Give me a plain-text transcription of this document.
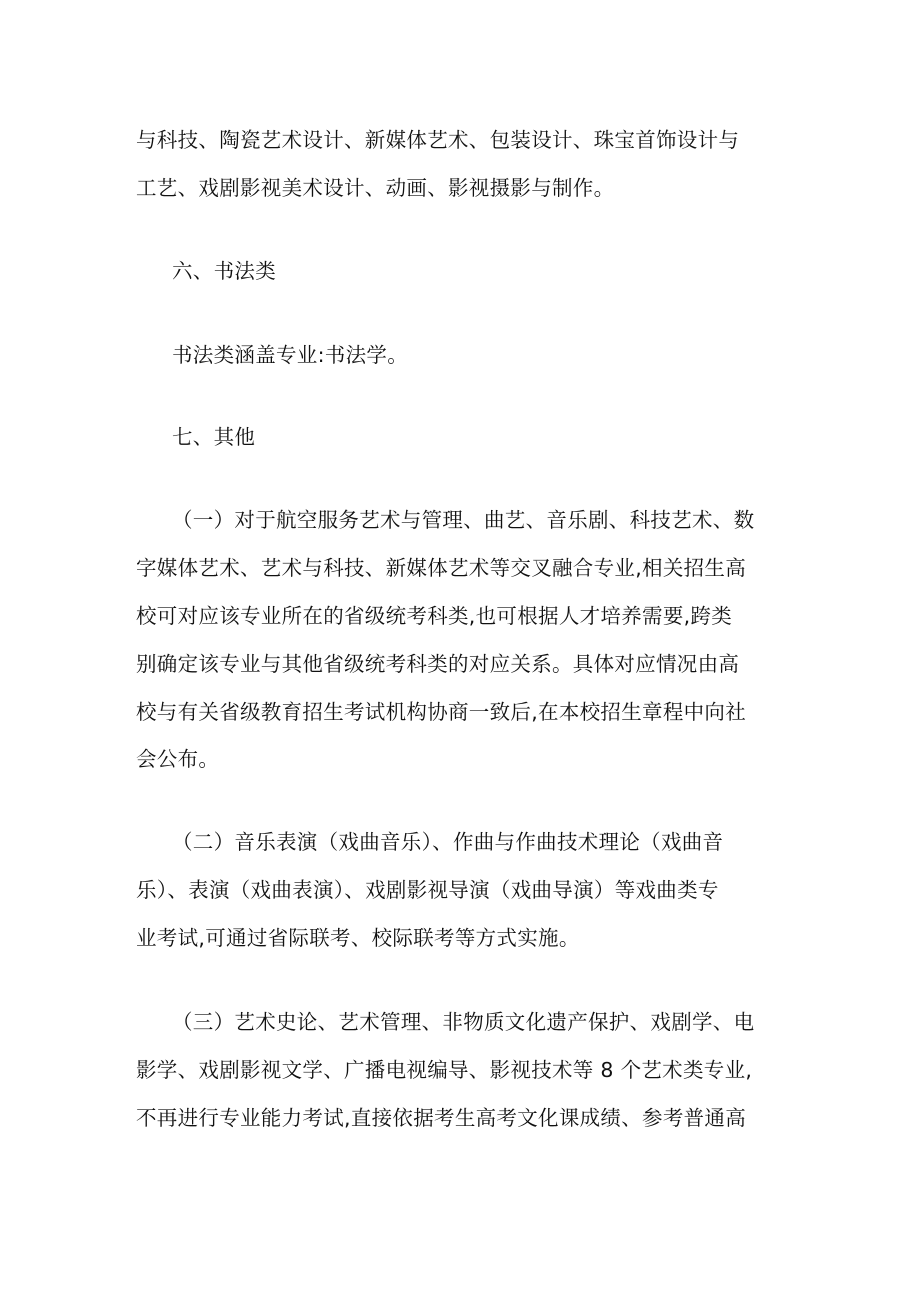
与科技、陶瓷艺术设计、新媒体艺术、包装设计、珠宝首饰设计与
工艺、戏剧影视美术设计、动画、影视摄影与制作。
六、书法类
书法类涵盖专业:书法学。
七、其他
（一）对于航空服务艺术与管理、曲艺、音乐剧、科技艺术、数
字媒体艺术、艺术与科技、新媒体艺术等交叉融合专业,相关招生高
校可对应该专业所在的省级统考科类,也可根据人才培养需要,跨类
别确定该专业与其他省级统考科类的对应关系。具体对应情况由高
校与有关省级教育招生考试机构协商一致后,在本校招生章程中向社
会公布。
（二）音乐表演（戏曲音乐）、作曲与作曲技术理论（戏曲音
乐）、表演（戏曲表演）、戏剧影视导演（戏曲导演）等戏曲类专
业考试,可通过省际联考、校际联考等方式实施。
（三）艺术史论、艺术管理、非物质文化遗产保护、戏剧学、电
影学、戏剧影视文学、广播电视编导、影视技术等 8 个艺术类专业,
不再进行专业能力考试,直接依据考生高考文化课成绩、参考普通高
